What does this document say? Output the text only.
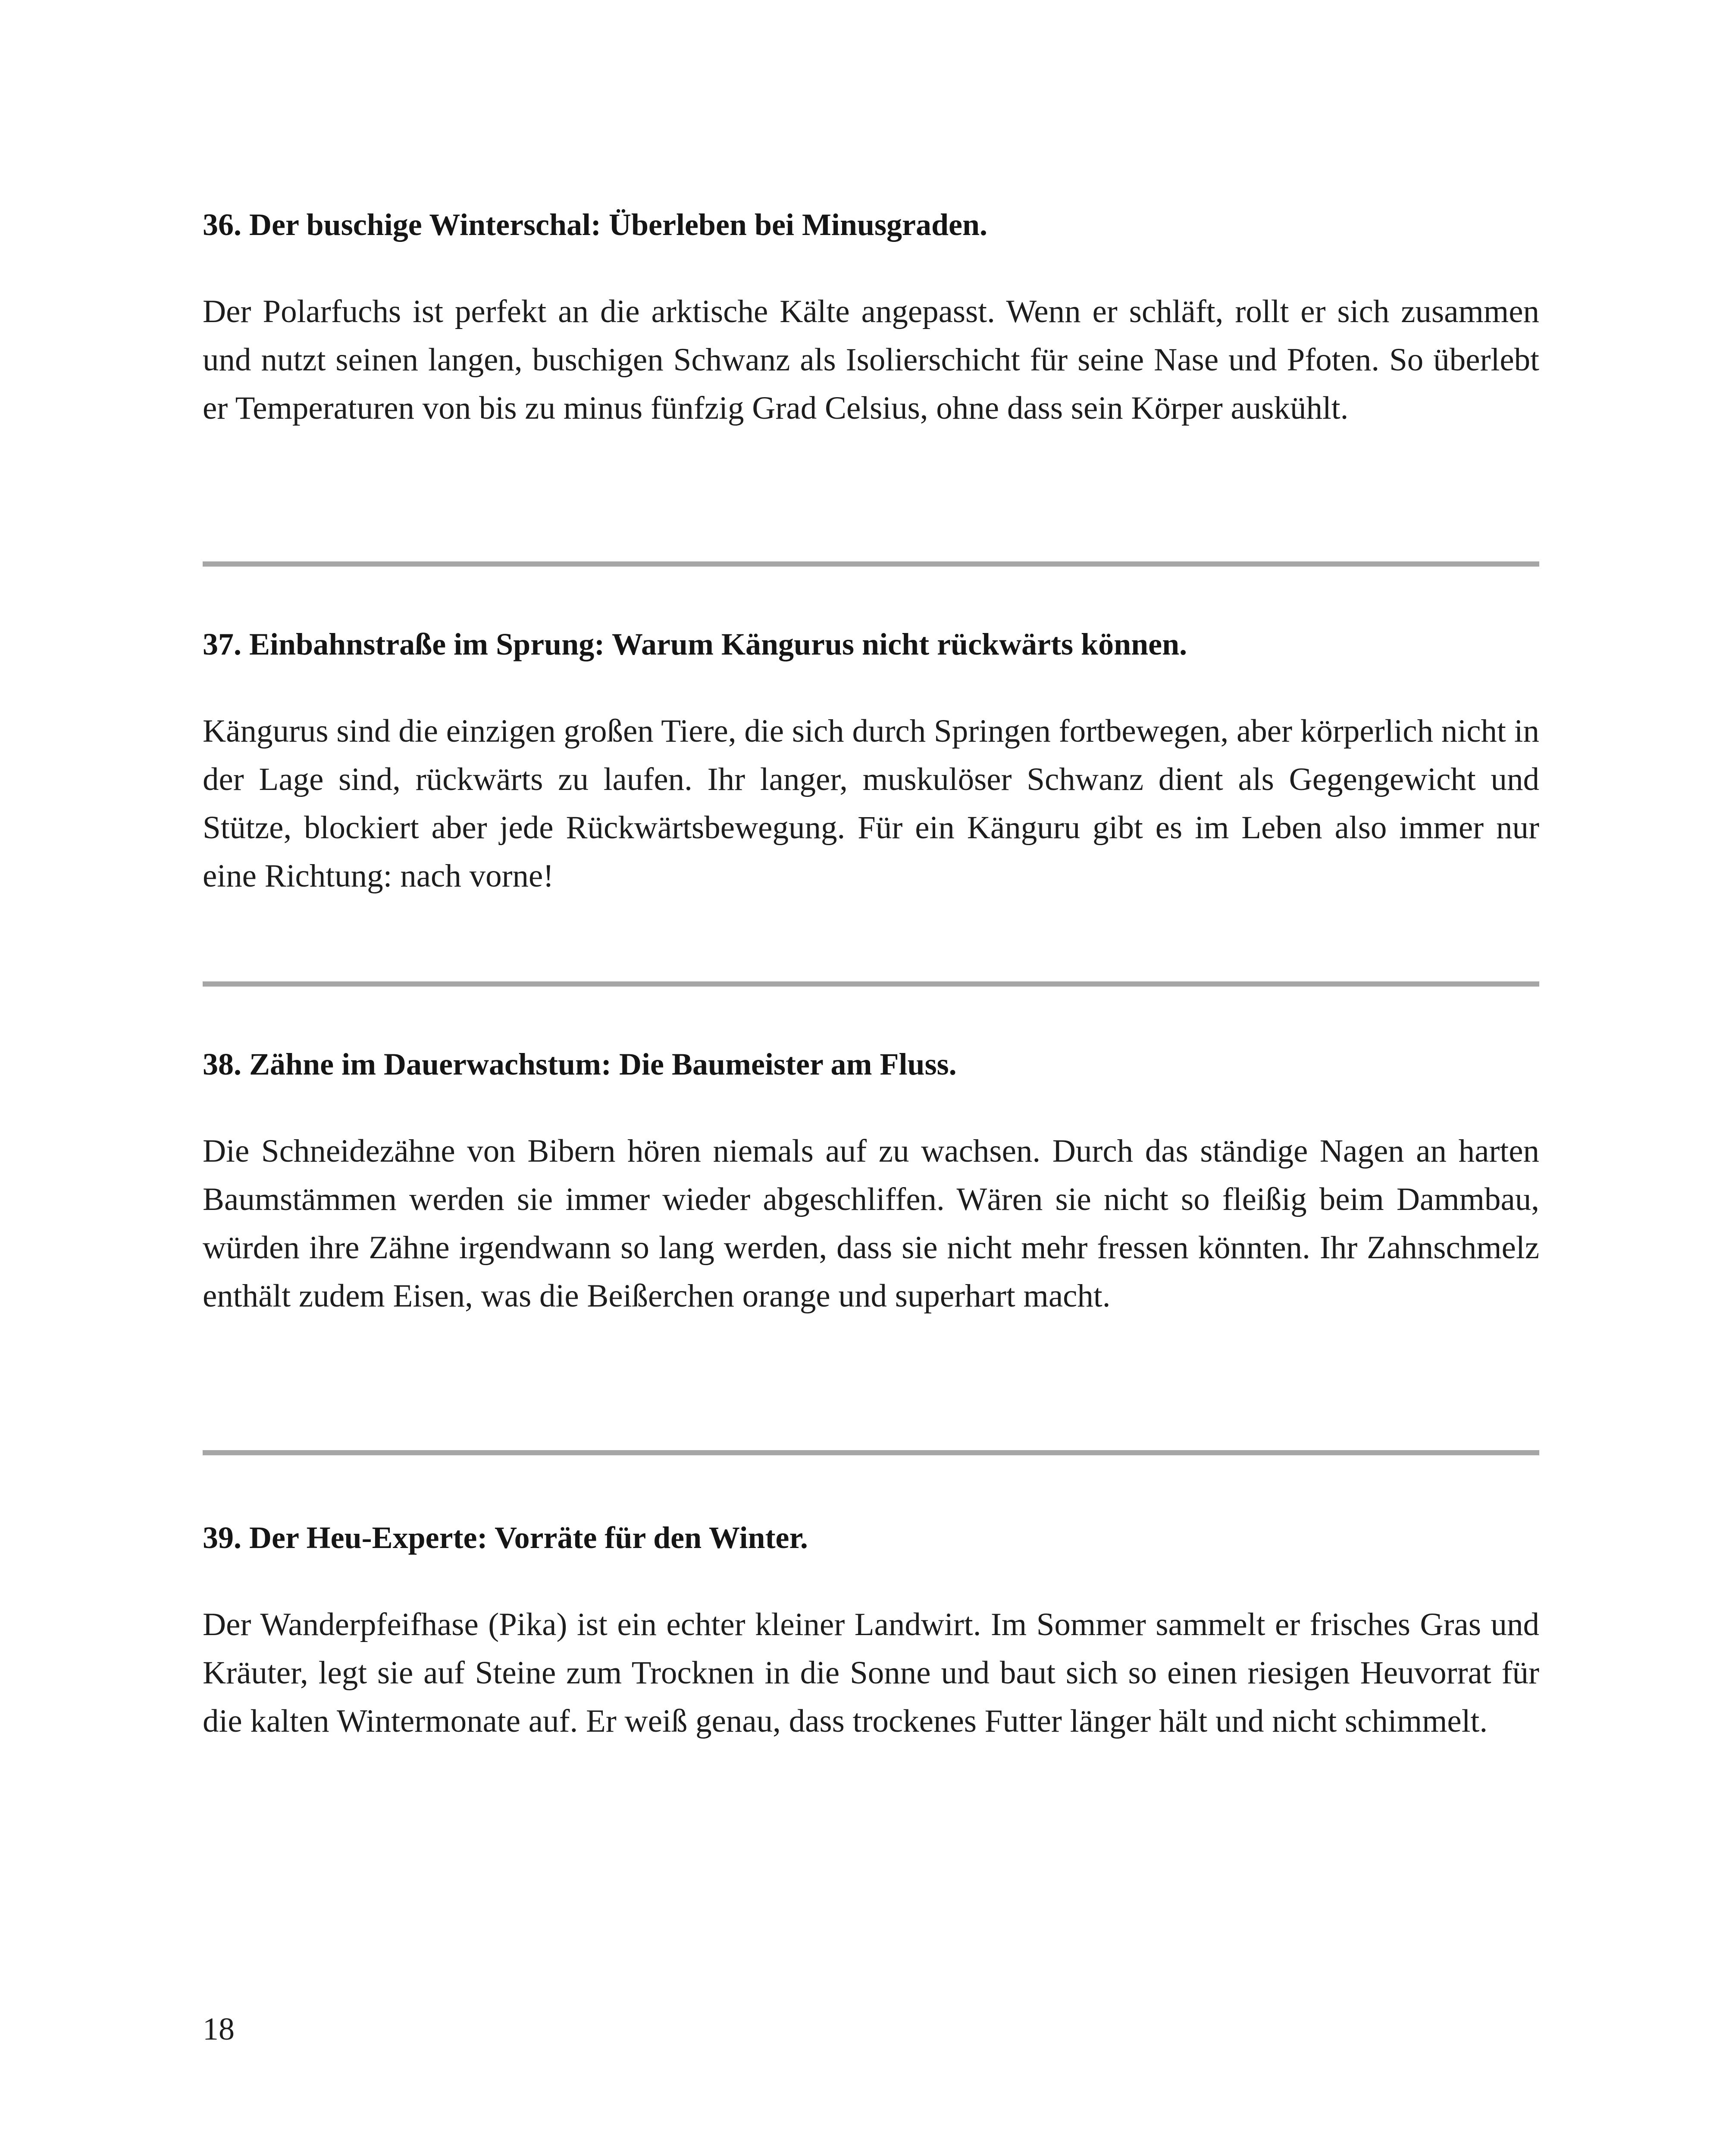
36. Der buschige Winterschal: Überleben bei Minusgraden.

Der Polarfuchs ist perfekt an die arktische Kälte angepasst. Wenn er schläft, rollt er sich zusammen und nutzt seinen langen, buschigen Schwanz als Isolierschicht für seine Nase und Pfoten. So überlebt er Temperaturen von bis zu minus fünfzig Grad Celsius, ohne dass sein Körper auskühlt.

37. Einbahnstraße im Sprung: Warum Kängurus nicht rückwärts können.

Kängurus sind die einzigen großen Tiere, die sich durch Springen fortbewegen, aber körperlich nicht in der Lage sind, rückwärts zu laufen. Ihr langer, muskulöser Schwanz dient als Gegengewicht und Stütze, blockiert aber jede Rückwärtsbewegung. Für ein Känguru gibt es im Leben also immer nur eine Richtung: nach vorne!

38. Zähne im Dauerwachstum: Die Baumeister am Fluss.

Die Schneidezähne von Bibern hören niemals auf zu wachsen. Durch das ständige Nagen an harten Baumstämmen werden sie immer wieder abgeschliffen. Wären sie nicht so fleißig beim Dammbau, würden ihre Zähne irgendwann so lang werden, dass sie nicht mehr fressen könnten. Ihr Zahnschmelz enthält zudem Eisen, was die Beißerchen orange und superhart macht.

39. Der Heu-Experte: Vorräte für den Winter.

Der Wanderpfeifhase (Pika) ist ein echter kleiner Landwirt. Im Sommer sammelt er frisches Gras und Kräuter, legt sie auf Steine zum Trocknen in die Sonne und baut sich so einen riesigen Heuvorrat für die kalten Wintermonate auf. Er weiß genau, dass trockenes Futter länger hält und nicht schimmelt.

18
